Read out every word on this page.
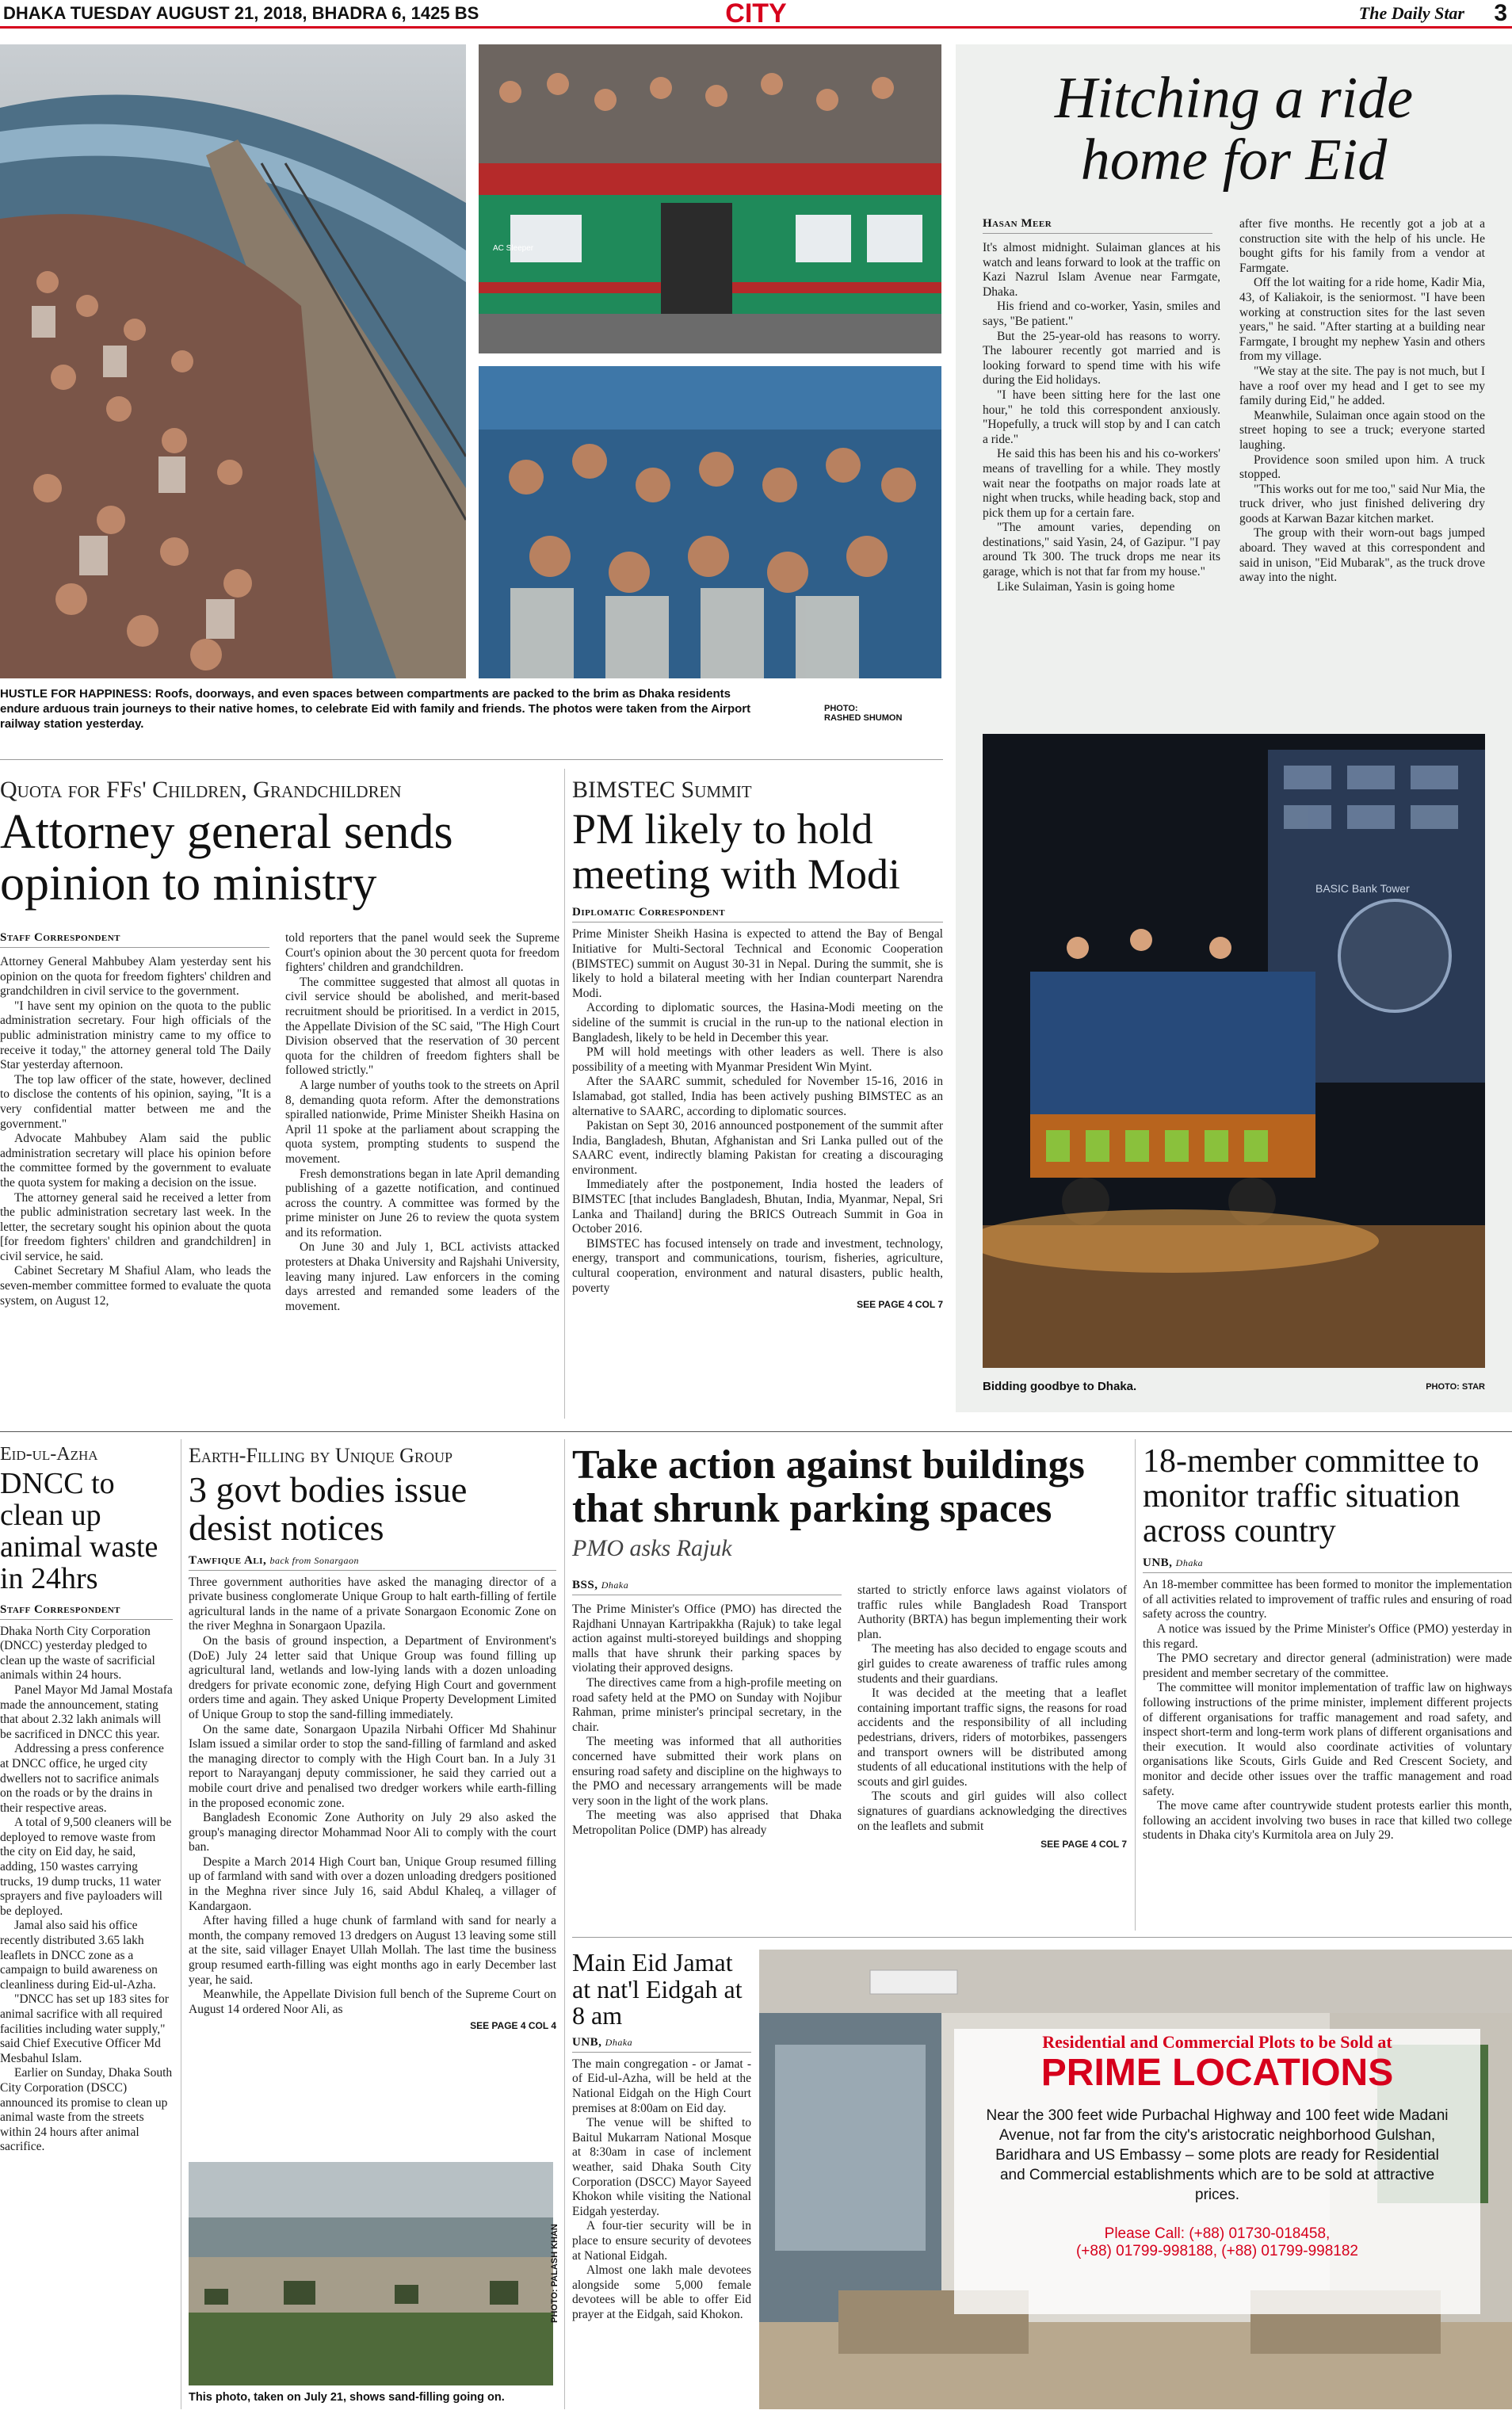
DHAKA TUESDAY AUGUST 21, 2018, BHADRA 6, 1425 BS	CITY	The Daily Star 3
AC Sleeper
HUSTLE FOR HAPPINESS: Roofs, doorways, and even spaces between compartments are packed to the brim as Dhaka residents endure arduous train journeys to their native homes, to celebrate Eid with family and friends. The photos were taken from the Airport railway station yesterday.
PHOTO:
RASHED SHUMON
Hitching a ride home for Eid
Hasan Meer

It's almost midnight. Sulaiman glances at his watch and leans forward to look at the traffic on Kazi Nazrul Islam Avenue near Farmgate, Dhaka.

His friend and co-worker, Yasin, smiles and says, "Be patient."

But the 25-year-old has reasons to worry. The labourer recently got married and is looking forward to spend time with his wife during the Eid holidays.

"I have been sitting here for the last one hour," he told this correspondent anxiously. "Hopefully, a truck will stop by and I can catch a ride."

He said this has been his and his co-workers' means of travelling for a while. They mostly wait near the footpaths on major roads late at night when trucks, while heading back, stop and pick them up for a certain fare.

"The amount varies, depending on destinations," said Yasin, 24, of Gazipur. "I pay around Tk 300. The truck drops me near its garage, which is not that far from my house."

Like Sulaiman, Yasin is going home

after five months. He recently got a job at a construction site with the help of his uncle. He bought gifts for his family from a vendor at Farmgate.

Off the lot waiting for a ride home, Kadir Mia, 43, of Kaliakoir, is the seniormost. "I have been working at construction sites for the last seven years," he said. "After starting at a building near Farmgate, I brought my nephew Yasin and others from my village.

"We stay at the site. The pay is not much, but I have a roof over my head and I get to see my family during Eid," he added.

Meanwhile, Sulaiman once again stood on the street hoping to see a truck; everyone started laughing.

Providence soon smiled upon him. A truck stopped.

"This works out for me too," said Nur Mia, the truck driver, who just finished delivering dry goods at Karwan Bazar kitchen market.

The group with their worn-out bags jumped aboard. They waved at this correspondent and said in unison, "Eid Mubarak", as the truck drove away into the night.

BASIC Bank Tower
Bidding goodbye to Dhaka.	PHOTO: STAR
Quota for FFs' Children, Grandchildren
Attorney general sends opinion to ministry
Staff Correspondent

Attorney General Mahbubey Alam yesterday sent his opinion on the quota for freedom fighters' children and grandchildren in civil service to the government.

"I have sent my opinion on the quota to the public administration secretary. Four high officials of the public administration ministry came to my office to receive it today," the attorney general told The Daily Star yesterday afternoon.

The top law officer of the state, however, declined to disclose the contents of his opinion, saying, "It is a very confidential matter between me and the government."

Advocate Mahbubey Alam said the public administration secretary will place his opinion before the committee formed by the government to evaluate the quota system for making a decision on the issue.

The attorney general said he received a letter from the public administration secretary last week. In the letter, the secretary sought his opinion about the quota [for freedom fighters' children and grandchildren] in civil service, he said.

Cabinet Secretary M Shafiul Alam, who leads the seven-member committee formed to evaluate the quota system, on August 12,

told reporters that the panel would seek the Supreme Court's opinion about the 30 percent quota for freedom fighters' children and grandchildren.

The committee suggested that almost all quotas in civil service should be abolished, and merit-based recruitment should be prioritised. In a verdict in 2015, the Appellate Division of the SC said, "The High Court Division observed that the reservation of 30 percent quota for the children of freedom fighters shall be followed strictly."

A large number of youths took to the streets on April 8, demanding quota reform. After the demonstrations spiralled nationwide, Prime Minister Sheikh Hasina on April 11 spoke at the parliament about scrapping the quota system, prompting students to suspend the movement.

Fresh demonstrations began in late April demanding publishing of a gazette notification, and continued across the country. A committee was formed by the prime minister on June 26 to review the quota system and its reformation.

On June 30 and July 1, BCL activists attacked protesters at Dhaka University and Rajshahi University, leaving many injured. Law enforcers in the coming days arrested and remanded some leaders of the movement.

BIMSTEC Summit
PM likely to hold meeting with Modi
Diplomatic Correspondent

Prime Minister Sheikh Hasina is expected to attend the Bay of Bengal Initiative for Multi-Sectoral Technical and Economic Cooperation (BIMSTEC) summit on August 30-31 in Nepal. During the summit, she is likely to hold a bilateral meeting with her Indian counterpart Narendra Modi.

According to diplomatic sources, the Hasina-Modi meeting on the sideline of the summit is crucial in the run-up to the national election in Bangladesh, likely to be held in December this year.

PM will hold meetings with other leaders as well. There is also possibility of a meeting with Myanmar President Win Myint.

After the SAARC summit, scheduled for November 15-16, 2016 in Islamabad, got stalled, India has been actively pushing BIMSTEC as an alternative to SAARC, according to diplomatic sources.

Pakistan on Sept 30, 2016 announced postponement of the summit after India, Bangladesh, Bhutan, Afghanistan and Sri Lanka pulled out of the SAARC event, indirectly blaming Pakistan for creating a discouraging environment.

Immediately after the postponement, India hosted the leaders of BIMSTEC [that includes Bangladesh, Bhutan, India, Myanmar, Nepal, Sri Lanka and Thailand] during the BRICS Outreach Summit in Goa in October 2016.

BIMSTEC has focused intensely on trade and investment, technology, energy, transport and communications, tourism, fisheries, agriculture, cultural cooperation, environment and natural disasters, public health, poverty

SEE PAGE 4 COL 7
Eid-ul-Azha
DNCC to clean up animal waste in 24hrs
Staff Correspondent

Dhaka North City Corporation (DNCC) yesterday pledged to clean up the waste of sacrificial animals within 24 hours.

Panel Mayor Md Jamal Mostafa made the announcement, stating that about 2.32 lakh animals will be sacrificed in DNCC this year.

Addressing a press conference at DNCC office, he urged city dwellers not to sacrifice animals on the roads or by the drains in their respective areas.

A total of 9,500 cleaners will be deployed to remove waste from the city on Eid day, he said, adding, 150 wastes carrying trucks, 19 dump trucks, 11 water sprayers and five payloaders will be deployed.

Jamal also said his office recently distributed 3.65 lakh leaflets in DNCC zone as a campaign to build awareness on cleanliness during Eid-ul-Azha.

"DNCC has set up 183 sites for animal sacrifice with all required facilities including water supply," said Chief Executive Officer Md Mesbahul Islam.

Earlier on Sunday, Dhaka South City Corporation (DSCC) announced its promise to clean up animal waste from the streets within 24 hours after animal sacrifice.

Earth-Filling by Unique Group
3 govt bodies issue desist notices
Tawfique Ali, back from Sonargaon

Three government authorities have asked the managing director of a private business conglomerate Unique Group to halt earth-filling of fertile agricultural lands in the name of a private Sonargaon Economic Zone on the river Meghna in Sonargaon Upazila.

On the basis of ground inspection, a Department of Environment's (DoE) July 24 letter said that Unique Group was found filling up agricultural land, wetlands and low-lying lands with a dozen unloading dredgers for private economic zone, defying High Court and government orders time and again. They asked Unique Property Development Limited of Unique Group to stop the sand-filling immediately.

On the same date, Sonargaon Upazila Nirbahi Officer Md Shahinur Islam issued a similar order to stop the sand-filling of farmland and asked the managing director to comply with the High Court ban. In a July 31 report to Narayanganj deputy commissioner, he said they carried out a mobile court drive and penalised two dredger workers while earth-filling in the proposed economic zone.

Bangladesh Economic Zone Authority on July 29 also asked the group's managing director Mohammad Noor Ali to comply with the court ban.

Despite a March 2014 High Court ban, Unique Group resumed filling up of farmland with sand with over a dozen unloading dredgers positioned in the Meghna river since July 16, said Abdul Khaleq, a villager of Kandargaon.

After having filled a huge chunk of farmland with sand for nearly a month, the company removed 13 dredgers on August 13 leaving some still at the site, said villager Enayet Ullah Mollah. The last time the business group resumed earth-filling was eight months ago in early December last year, he said.

Meanwhile, the Appellate Division full bench of the Supreme Court on August 14 ordered Noor Ali, as

SEE PAGE 4 COL 4
PHOTO: PALASH KHAN
This photo, taken on July 21, shows sand-filling going on.
Take action against buildings that shrunk parking spaces
PMO asks Rajuk
BSS, Dhaka

The Prime Minister's Office (PMO) has directed the Rajdhani Unnayan Kartripakkha (Rajuk) to take legal action against multi-storeyed buildings and shopping malls that have shrunk their parking spaces by violating their approved designs.

The directives came from a high-profile meeting on road safety held at the PMO on Sunday with Nojibur Rahman, prime minister's principal secretary, in the chair.

The meeting was informed that all authorities concerned have submitted their work plans on ensuring road safety and discipline on the highways to the PMO and necessary arrangements will be made very soon in the light of the work plans.

The meeting was also apprised that Dhaka Metropolitan Police (DMP) has already

started to strictly enforce laws against violators of traffic rules while Bangladesh Road Transport Authority (BRTA) has begun implementing their work plan.

The meeting has also decided to engage scouts and girl guides to create awareness of traffic rules among students and their guardians.

It was decided at the meeting that a leaflet containing important traffic signs, the reasons for road accidents and the responsibility of all including pedestrians, drivers, riders of motorbikes, passengers and transport owners will be distributed among students of all educational institutions with the help of scouts and girl guides.

The scouts and girl guides will also collect signatures of guardians acknowledging the directives on the leaflets and submit

SEE PAGE 4 COL 7
18-member committee to monitor traffic situation across country
UNB, Dhaka

An 18-member committee has been formed to monitor the implementation of all activities related to improvement of traffic rules and ensuring of road safety across the country.

A notice was issued by the Prime Minister's Office (PMO) yesterday in this regard.

The PMO secretary and director general (administration) were made president and member secretary of the committee.

The committee will monitor implementation of traffic law on highways following instructions of the prime minister, implement different projects of different organisations for traffic management and road safety, and inspect short-term and long-term work plans of different organisations and their execution. It would also coordinate activities of voluntary organisations like Scouts, Girls Guide and Red Crescent Society, and monitor and decide other issues over the traffic management and road safety.

The move came after countrywide student protests earlier this month, following an accident involving two buses in race that killed two college students in Dhaka city's Kurmitola area on July 29.

Main Eid Jamat at nat'l Eidgah at 8 am
UNB, Dhaka

The main congregation - or Jamat - of Eid-ul-Azha, will be held at the National Eidgah on the High Court premises at 8:00am on Eid day.

The venue will be shifted to Baitul Mukarram National Mosque at 8:30am in case of inclement weather, said Dhaka South City Corporation (DSCC) Mayor Sayeed Khokon while visiting the National Eidgah yesterday.

A four-tier security will be in place to ensure security of devotees at National Eidgah.

Almost one lakh male devotees alongside some 5,000 female devotees will be able to offer Eid prayer at the Eidgah, said Khokon.

Residential and Commercial Plots to be Sold at
PRIME LOCATIONS
Near the 300 feet wide Purbachal Highway and 100 feet wide Madani Avenue, not far from the city's aristocratic neighborhood Gulshan, Baridhara and US Embassy – some plots are ready for Residential and Commercial establishments which are to be sold at attractive prices.
Please Call: (+88) 01730-018458,
(+88) 01799-998188, (+88) 01799-998182
